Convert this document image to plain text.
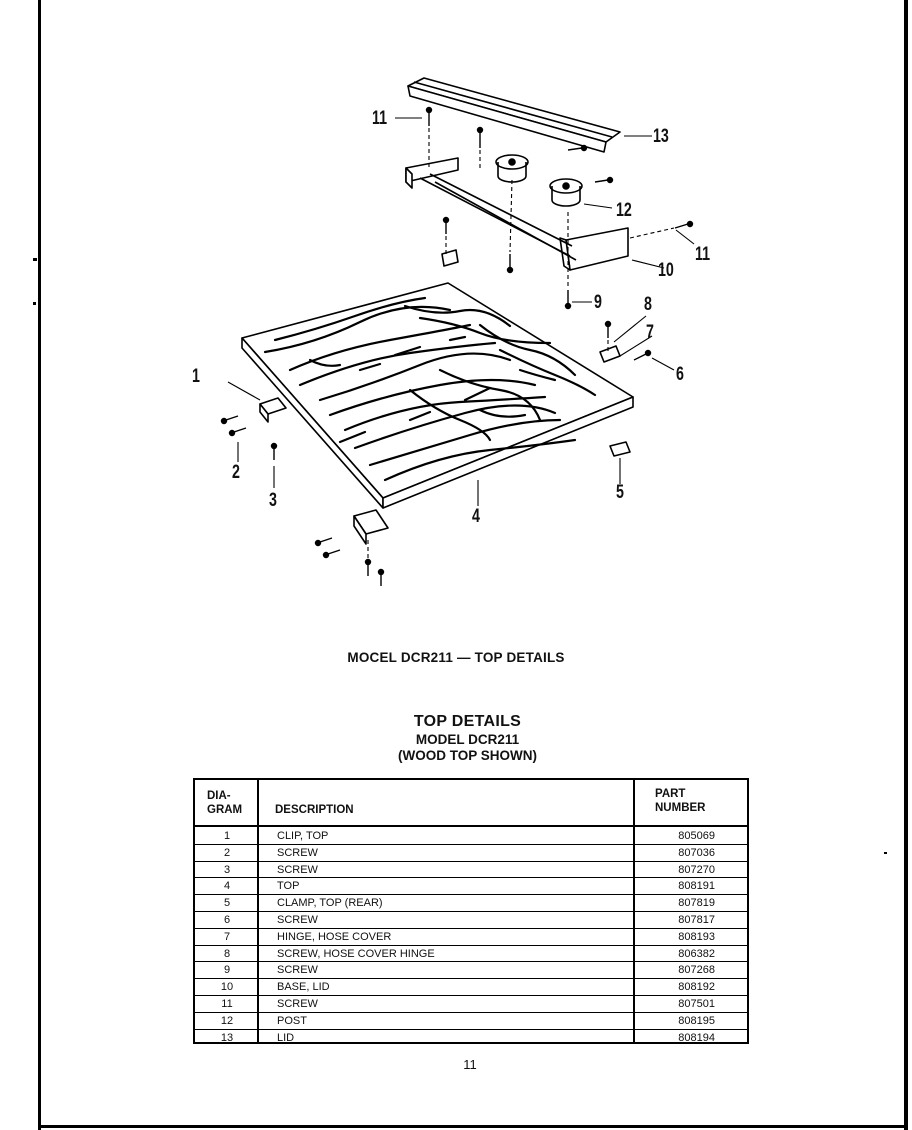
1
2
3
4
5
6
7
8
9
10
11
11
12
13
MOCEL DCR211 — TOP DETAILS
TOP DETAILS
MODEL DCR211
(WOOD TOP SHOWN)
DIA-
GRAM	DESCRIPTION
PART
NUMBER
1	CLIP, TOP	805069
2	SCREW	807036
3	SCREW	807270
4	TOP	808191
5	CLAMP, TOP (REAR)	807819
6	SCREW	807817
7	HINGE, HOSE COVER	808193
8	SCREW, HOSE COVER HINGE	806382
9	SCREW	807268
10	BASE, LID	808192
11	SCREW	807501
12	POST	808195
13	LID	808194
11
